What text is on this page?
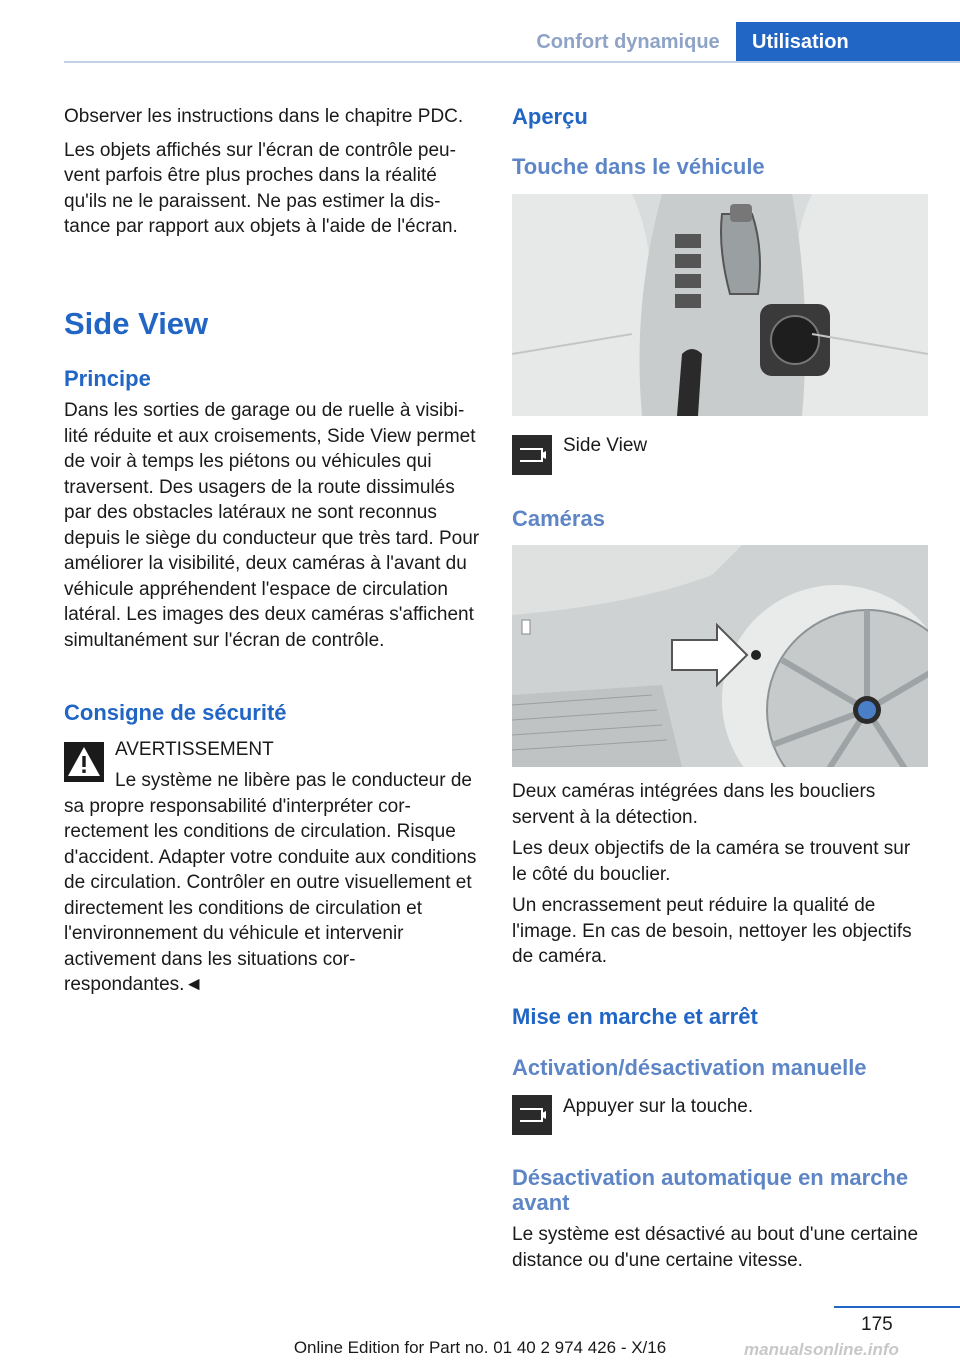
Confort dynamique	Utilisation

Observer les instructions dans le chapitre PDC.

Les objets affichés sur l'écran de contrôle peuvent parfois être plus proches dans la réalité qu'ils ne le paraissent. Ne pas estimer la distance par rapport aux objets à l'aide de l'écran.

Side View
Principe
Dans les sorties de garage ou de ruelle à visibilité réduite et aux croisements, Side View permet de voir à temps les piétons ou véhicules qui traversent. Des usagers de la route dissimulés par des obstacles latéraux ne sont reconnus depuis le siège du conducteur que très tard. Pour améliorer la visibilité, deux caméras à l'avant du véhicule appréhendent l'espace de circulation latéral. Les images des deux caméras s'affichent simultanément sur l'écran de contrôle.
Consigne de sécurité
AVERTISSEMENT
Le système ne libère pas le conducteur de sa propre responsabilité d'interpréter correctement les conditions de circulation. Risque d'accident. Adapter votre conduite aux conditions de circulation. Contrôler en outre visuellement et directement les conditions de circulation et l'environnement du véhicule et intervenir activement dans les situations correspondantes.◄
Aperçu
Touche dans le véhicule
Side View
Caméras
Deux caméras intégrées dans les boucliers servent à la détection.
Les deux objectifs de la caméra se trouvent sur le côté du bouclier.
Un encrassement peut réduire la qualité de l'image. En cas de besoin, nettoyer les objectifs de caméra.
Mise en marche et arrêt
Activation/désactivation manuelle
Appuyer sur la touche.
Désactivation automatique en marche avant
Le système est désactivé au bout d'une certaine distance ou d'une certaine vitesse.
175
Online Edition for Part no. 01 40 2 974 426 - X/16	manualsonline.info
